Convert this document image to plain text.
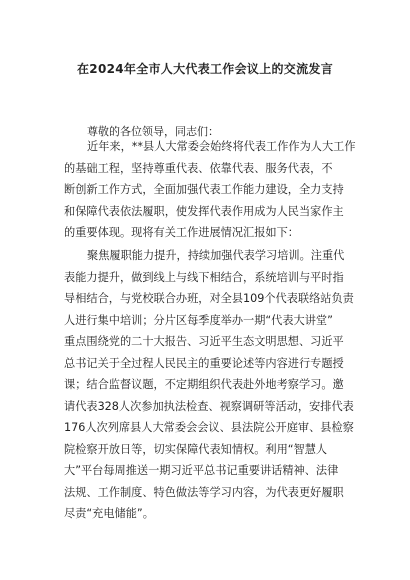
在2024年全市人大代表工作会议上的交流发言
尊敬的各位领导，同志们：
近年来，**县人大常委会始终将代表工作作为人大工作
的基础工程，坚持尊重代表、依靠代表、服务代表，不
断创新工作方式，全面加强代表工作能力建设，全力支持
和保障代表依法履职，使发挥代表作用成为人民当家作主
的重要体现。现将有关工作进展情况汇报如下：
聚焦履职能力提升，持续加强代表学习培训。注重代
表能力提升，做到线上与线下相结合，系统培训与平时指
导相结合，与党校联合办班，对全县109个代表联络站负责
人进行集中培训；分片区每季度举办一期“代表大讲堂”
重点围绕党的二十大报告、习近平生态文明思想、习近平
总书记关于全过程人民民主的重要论述等内容进行专题授
课；结合监督议题，不定期组织代表赴外地考察学习。邀
请代表328人次参加执法检查、视察调研等活动，安排代表
176人次列席县人大常委会会议、县法院公开庭审、县检察
院检察开放日等，切实保障代表知情权。利用“智慧人
大”平台每周推送一期习近平总书记重要讲话精神、法律
法规、工作制度、特色做法等学习内容，为代表更好履职
尽责“充电储能”。
